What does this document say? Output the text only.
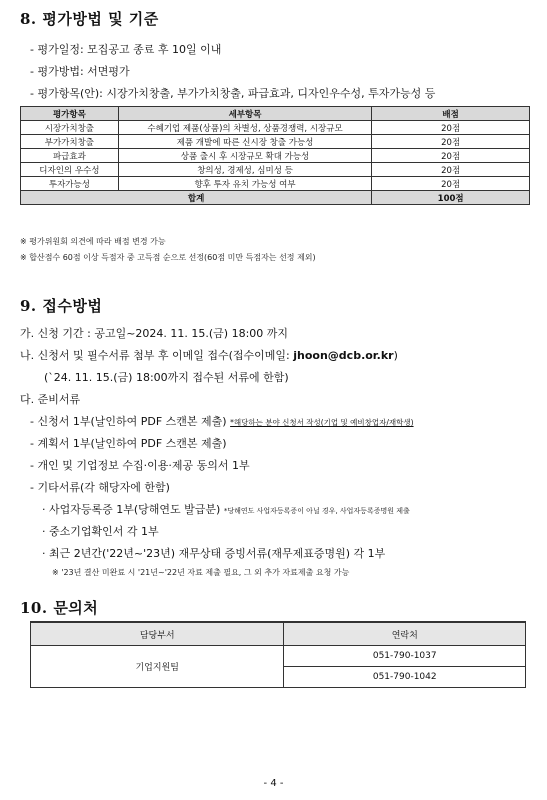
8. 평가방법 및 기준
- 평가일정: 모집공고 종료 후 10일 이내
- 평가방법: 서면평가
- 평가항목(안): 시장가치창출, 부가가치창출, 파급효과, 디자인우수성, 투자가능성 등
평가항목	세부항목	배점
시장가치창출	수혜기업 제품(상품)의 차별성, 상품경쟁력, 시장규모	20점
부가가치창출	제품 개발에 따른 신시장 창출 가능성	20점
파급효과	상품 출시 후 시장규모 확대 가능성	20점
디자인의 우수성	창의성, 경제성, 심미성 등	20점
투자가능성	향후 투자 유치 가능성 여부	20점
합계		100점
※ 평가위원회 의견에 따라 배점 변경 가능
※ 합산점수 60점 이상 득점자 중 고득점 순으로 선정(60점 미만 득점자는 선정 제외)
9. 접수방법
가. 신청 기간 : 공고일~2024. 11. 15.(금) 18:00 까지
나. 신청서 및 필수서류 첨부 후 이메일 접수(접수이메일: jhoon@dcb.or.kr)
(`24. 11. 15.(금) 18:00까지 접수된 서류에 한함)
다. 준비서류
- 신청서 1부(날인하여 PDF 스캔본 제출) *해당하는 분야 신청서 작성(기업 및 예비창업자/재학생)
- 계획서 1부(날인하여 PDF 스캔본 제출)
- 개인 및 기업정보 수집·이용·제공 동의서 1부
- 기타서류(각 해당자에 한함)
· 사업자등록증 1부(당해연도 발급분) *당해연도 사업자등록증이 아닐 경우, 사업자등록증명원 제출
· 중소기업확인서 각 1부
· 최근 2년간('22년~'23년) 재무상태 증빙서류(재무제표증명원) 각 1부
※ '23년 결산 미완료 시 '21년~'22년 자료 제출 필요, 그 외 추가 자료제출 요청 가능
10. 문의처
담당부서	연락처
기업지원팀	051-790-1037
	051-790-1042
- 4 -
